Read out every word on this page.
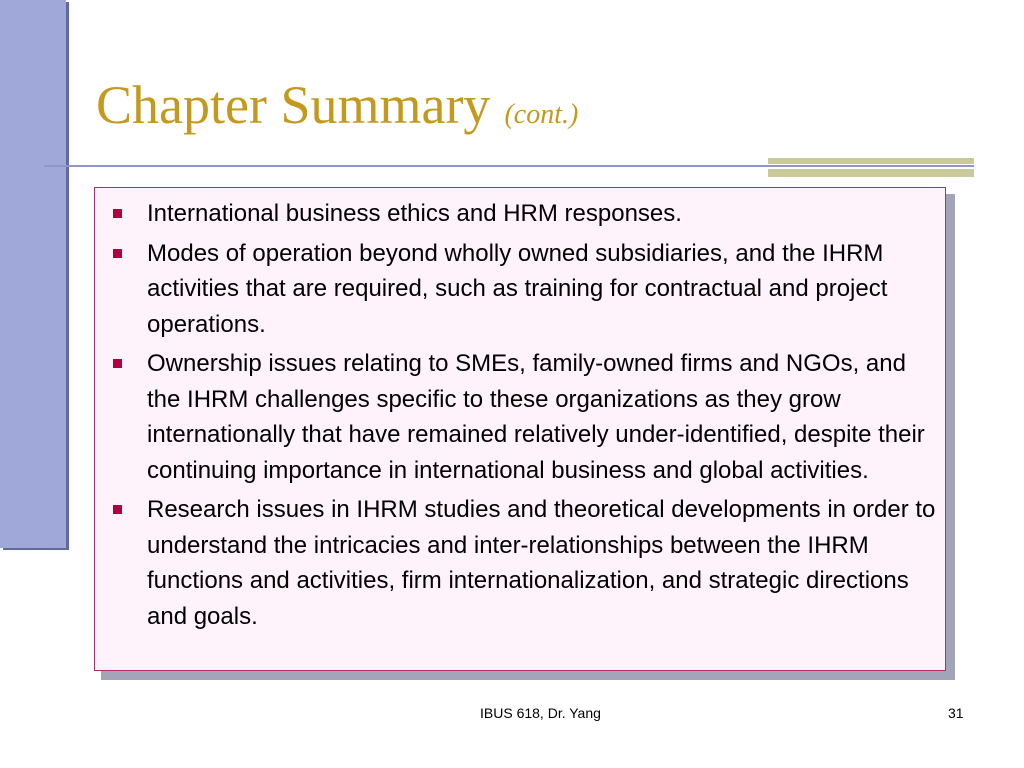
Chapter Summary (cont.)
International business ethics and HRM responses.
Modes of operation beyond wholly owned subsidiaries, and the IHRM activities that are required, such as training for contractual and project operations.
Ownership issues relating to SMEs, family-owned firms and NGOs, and the IHRM challenges specific to these organizations as they grow internationally that have remained relatively under-identified, despite their continuing importance in international business and global activities.
Research issues in IHRM studies and theoretical developments in order to understand the intricacies and inter-relationships between the IHRM functions and activities, firm internationalization, and strategic directions and goals.
IBUS 618, Dr. Yang	31
